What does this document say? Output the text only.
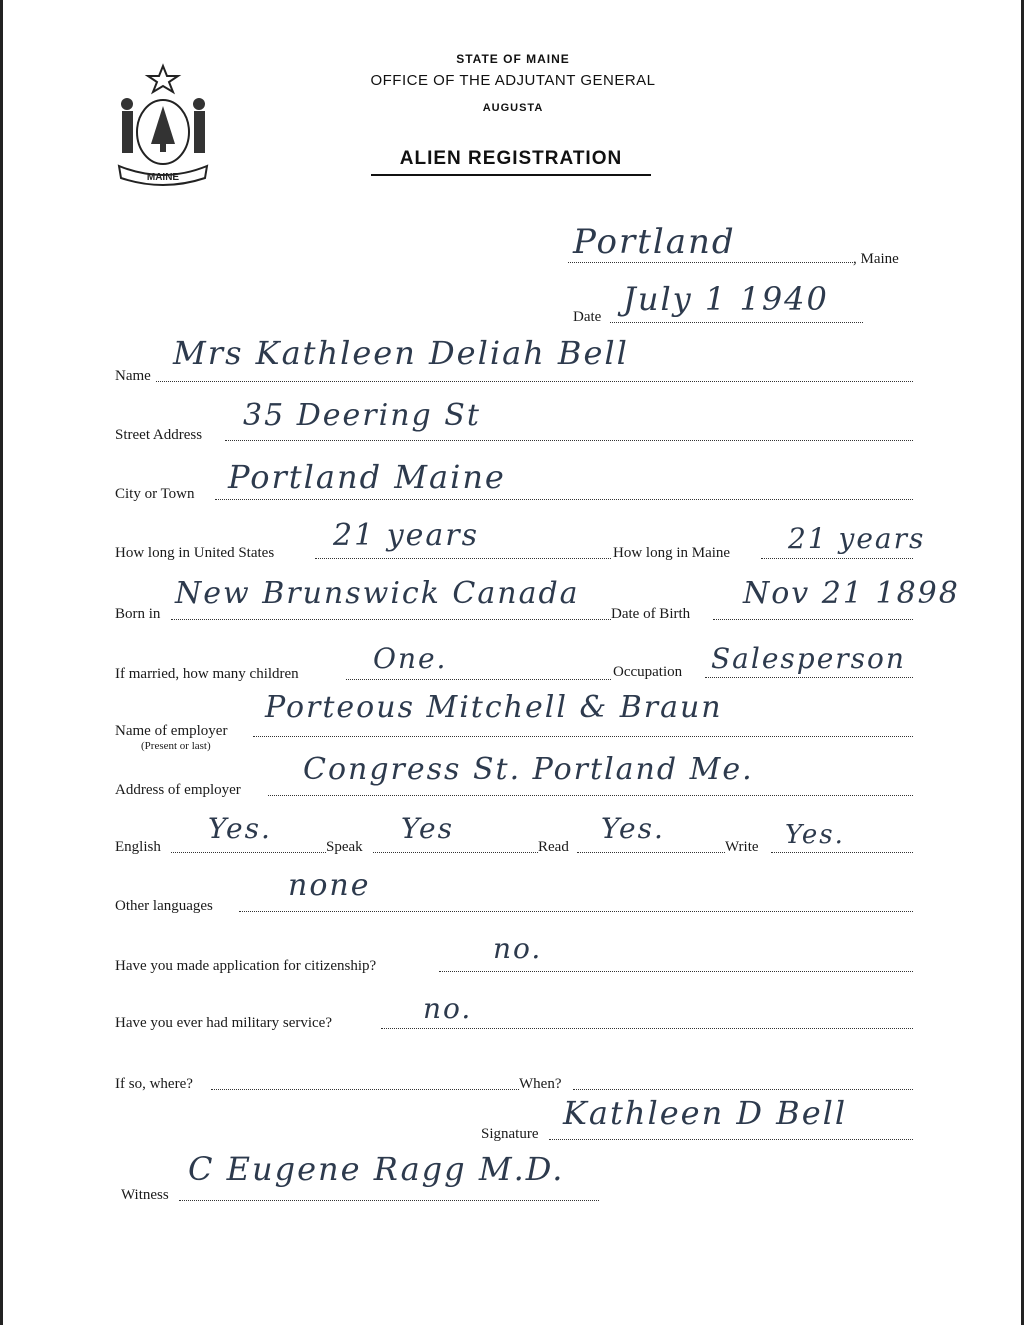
MAINE
STATE OF MAINE
OFFICE OF THE ADJUTANT GENERAL
AUGUSTA
ALIEN REGISTRATION
Portland	, Maine
Date July 1 1940
Name
Mrs Kathleen Deliah Bell
Street Address
35 Deering St
City or Town Portland Maine
How long in United States 21 years	How long in Maine 21 years
Born in
New Brunswick Canada
Date of Birth
Nov 21 1898
If married, how many children	One.	Occupation Salesperson
Name of employer
(Present or last)
Porteous Mitchell & Braun
Address of employer
Congress St. Portland Me.
English
Yes.
Speak
Yes
Read
Yes.
Write Yes.
Other languages
none
Have you made application for citizenship?
no.
Have you ever had military service?	no.
If so, where?	When?
Signature
Kathleen D Bell
Witness
C Eugene Ragg M.D.
